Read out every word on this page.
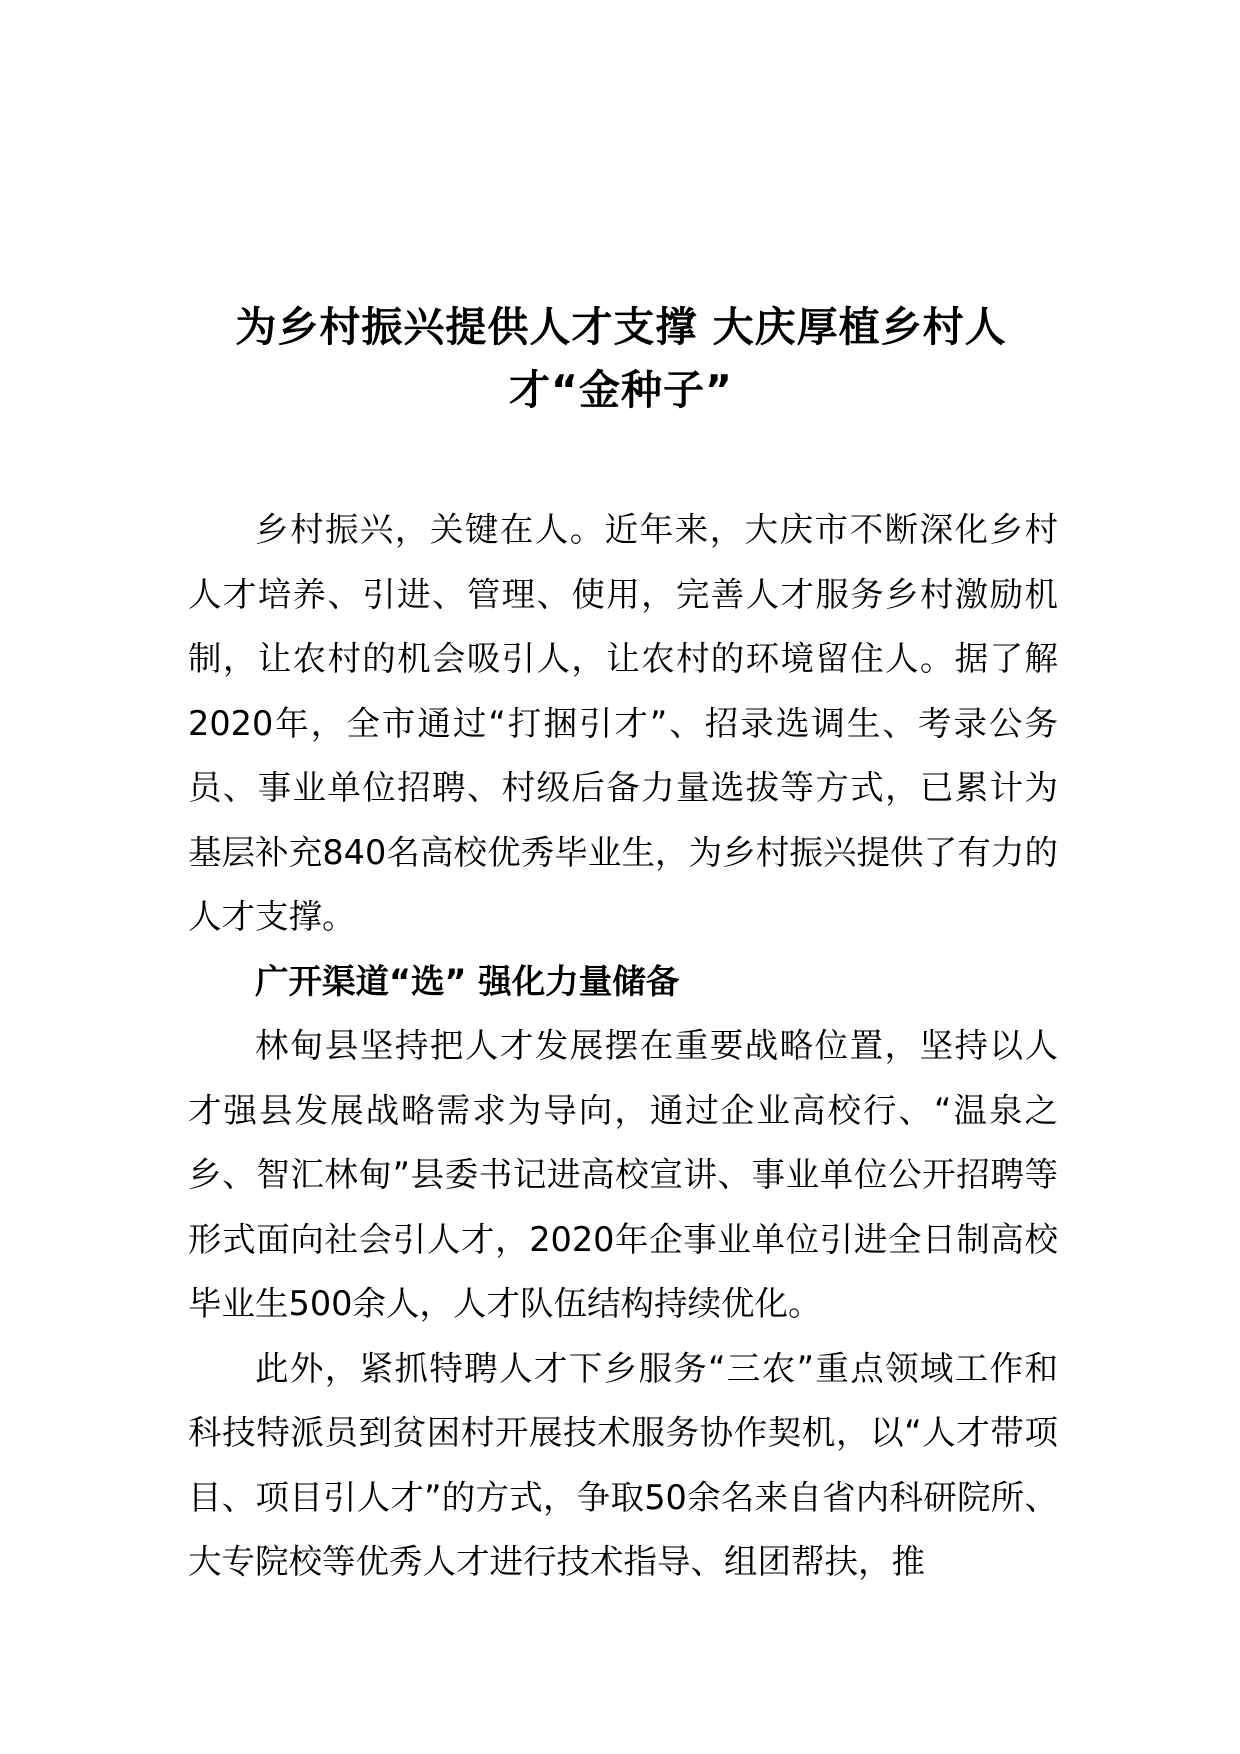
为乡村振兴提供人才支撑 大庆厚植乡村人才“金种子”

乡村振兴，关键在人。近年来，大庆市不断深化乡村人才培养、引进、管理、使用，完善人才服务乡村激励机制，让农村的机会吸引人，让农村的环境留住人。据了解2020年，全市通过“打捆引才”、招录选调生、考录公务员、事业单位招聘、村级后备力量选拔等方式，已累计为基层补充840名高校优秀毕业生，为乡村振兴提供了有力的人才支撑。

广开渠道“选” 强化力量储备

林甸县坚持把人才发展摆在重要战略位置，坚持以人才强县发展战略需求为导向，通过企业高校行、“温泉之乡、智汇林甸”县委书记进高校宣讲、事业单位公开招聘等形式面向社会引人才，2020年企事业单位引进全日制高校毕业生500余人，人才队伍结构持续优化。

此外，紧抓特聘人才下乡服务“三农”重点领域工作和科技特派员到贫困村开展技术服务协作契机，以“人才带项目、项目引人才”的方式，争取50余名来自省内科研院所、大专院校等优秀人才进行技术指导、组团帮扶，推
